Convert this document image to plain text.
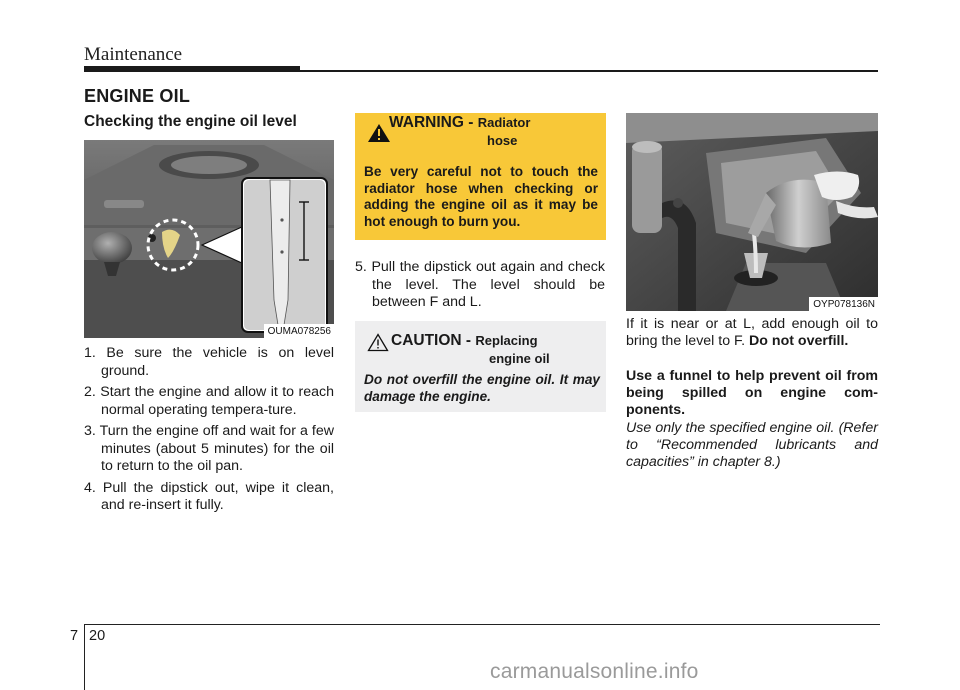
Maintenance
ENGINE OIL
Checking the engine oil level
OUMA078256
1. Be sure the vehicle is on level ground.
2. Start the engine and allow it to reach normal operating tempera-ture.
3. Turn the engine off and wait for a few minutes (about 5 minutes) for the oil to return to the oil pan.
4. Pull the dipstick out, wipe it clean, and re-insert it fully.
WARNING - Radiator
hose
Be very careful not to touch the radiator hose when checking or adding the engine oil as it may be hot enough to burn you.
5. Pull the dipstick out again and check the level. The level should be between F and L.
CAUTION - Replacing
engine oil
Do not overfill the engine oil. It may damage the engine.
OYP078136N
If it is near or at L, add enough oil to bring the level to F. Do not overfill.
Use a funnel to help prevent oil from being spilled on engine com-ponents.
Use only the specified engine oil. (Refer to “Recommended lubricants and capacities” in chapter 8.)
7 20
carmanualsonline.info
